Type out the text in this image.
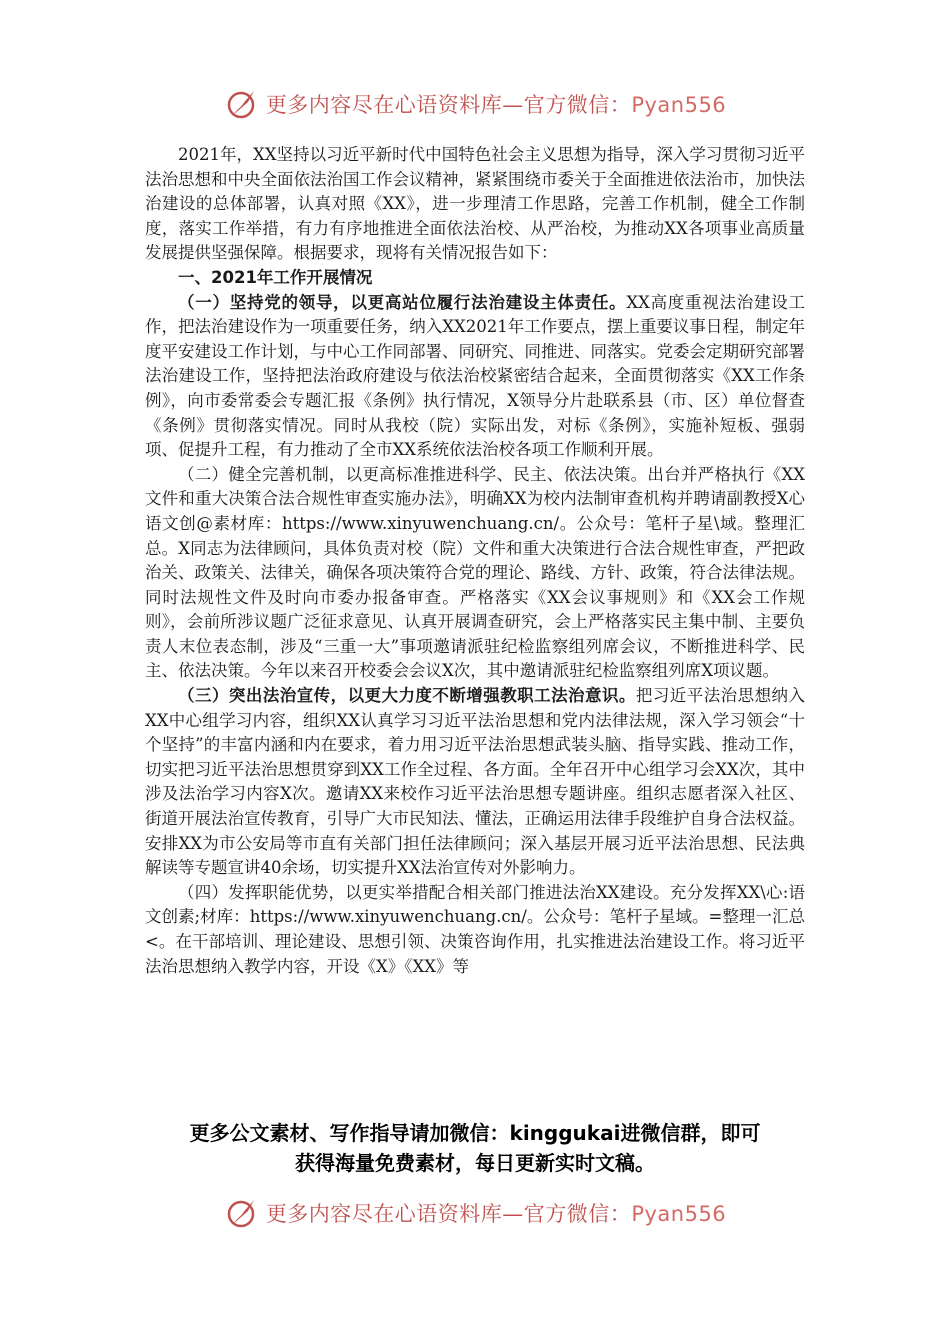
更多内容尽在心语资料库—官方微信：Pyan556

2021年，XX坚持以习近平新时代中国特色社会主义思想为指导，深入学习贯彻习近平法治思想和中央全面依法治国工作会议精神，紧紧围绕市委关于全面推进依法治市，加快法治建设的总体部署，认真对照《XX》，进一步理清工作思路，完善工作机制，健全工作制度，落实工作举措，有力有序地推进全面依法治校、从严治校，为推动XX各项事业高质量发展提供坚强保障。根据要求，现将有关情况报告如下：

一、2021年工作开展情况

（一）坚持党的领导，以更高站位履行法治建设主体责任。XX高度重视法治建设工作，把法治建设作为一项重要任务，纳入XX2021年工作要点，摆上重要议事日程，制定年度平安建设工作计划，与中心工作同部署、同研究、同推进、同落实。党委会定期研究部署法治建设工作，坚持把法治政府建设与依法治校紧密结合起来，全面贯彻落实《XX工作条例》，向市委常委会专题汇报《条例》执行情况，X领导分片赴联系县（市、区）单位督查《条例》贯彻落实情况。同时从我校（院）实际出发，对标《条例》，实施补短板、强弱项、促提升工程，有力推动了全市XX系统依法治校各项工作顺利开展。

（二）健全完善机制，以更高标准推进科学、民主、依法决策。出台并严格执行《XX文件和重大决策合法合规性审查实施办法》，明确XX为校内法制审查机构并聘请副教授X心语文创@素材库：https://www.xinyuwenchuang.cn/。公众号：笔杆子星\域。整理汇总。X同志为法律顾问，具体负责对校（院）文件和重大决策进行合法合规性审查，严把政治关、政策关、法律关，确保各项决策符合党的理论、路线、方针、政策，符合法律法规。同时法规性文件及时向市委办报备审查。严格落实《XX会议事规则》和《XX会工作规则》，会前所涉议题广泛征求意见、认真开展调查研究，会上严格落实民主集中制、主要负责人末位表态制，涉及“三重一大”事项邀请派驻纪检监察组列席会议，不断推进科学、民主、依法决策。今年以来召开校委会会议X次，其中邀请派驻纪检监察组列席X项议题。

（三）突出法治宣传，以更大力度不断增强教职工法治意识。把习近平法治思想纳入XX中心组学习内容，组织XX认真学习习近平法治思想和党内法律法规，深入学习领会“十个坚持”的丰富内涵和内在要求，着力用习近平法治思想武装头脑、指导实践、推动工作，切实把习近平法治思想贯穿到XX工作全过程、各方面。全年召开中心组学习会XX次，其中涉及法治学习内容X次。邀请XX来校作习近平法治思想专题讲座。组织志愿者深入社区、街道开展法治宣传教育，引导广大市民知法、懂法，正确运用法律手段维护自身合法权益。安排XX为市公安局等市直有关部门担任法律顾问；深入基层开展习近平法治思想、民法典解读等专题宣讲40余场，切实提升XX法治宣传对外影响力。

（四）发挥职能优势，以更实举措配合相关部门推进法治XX建设。充分发挥XX\心:语文创素;材库：https://www.xinyuwenchuang.cn/。公众号：笔杆子星域。=整理一汇总<。在干部培训、理论建设、思想引领、决策咨询作用，扎实推进法治建设工作。将习近平法治思想纳入教学内容，开设《X》《XX》等

更多公文素材、写作指导请加微信：kinggukai进微信群，即可
获得海量免费素材，每日更新实时文稿。
更多内容尽在心语资料库—官方微信：Pyan556
